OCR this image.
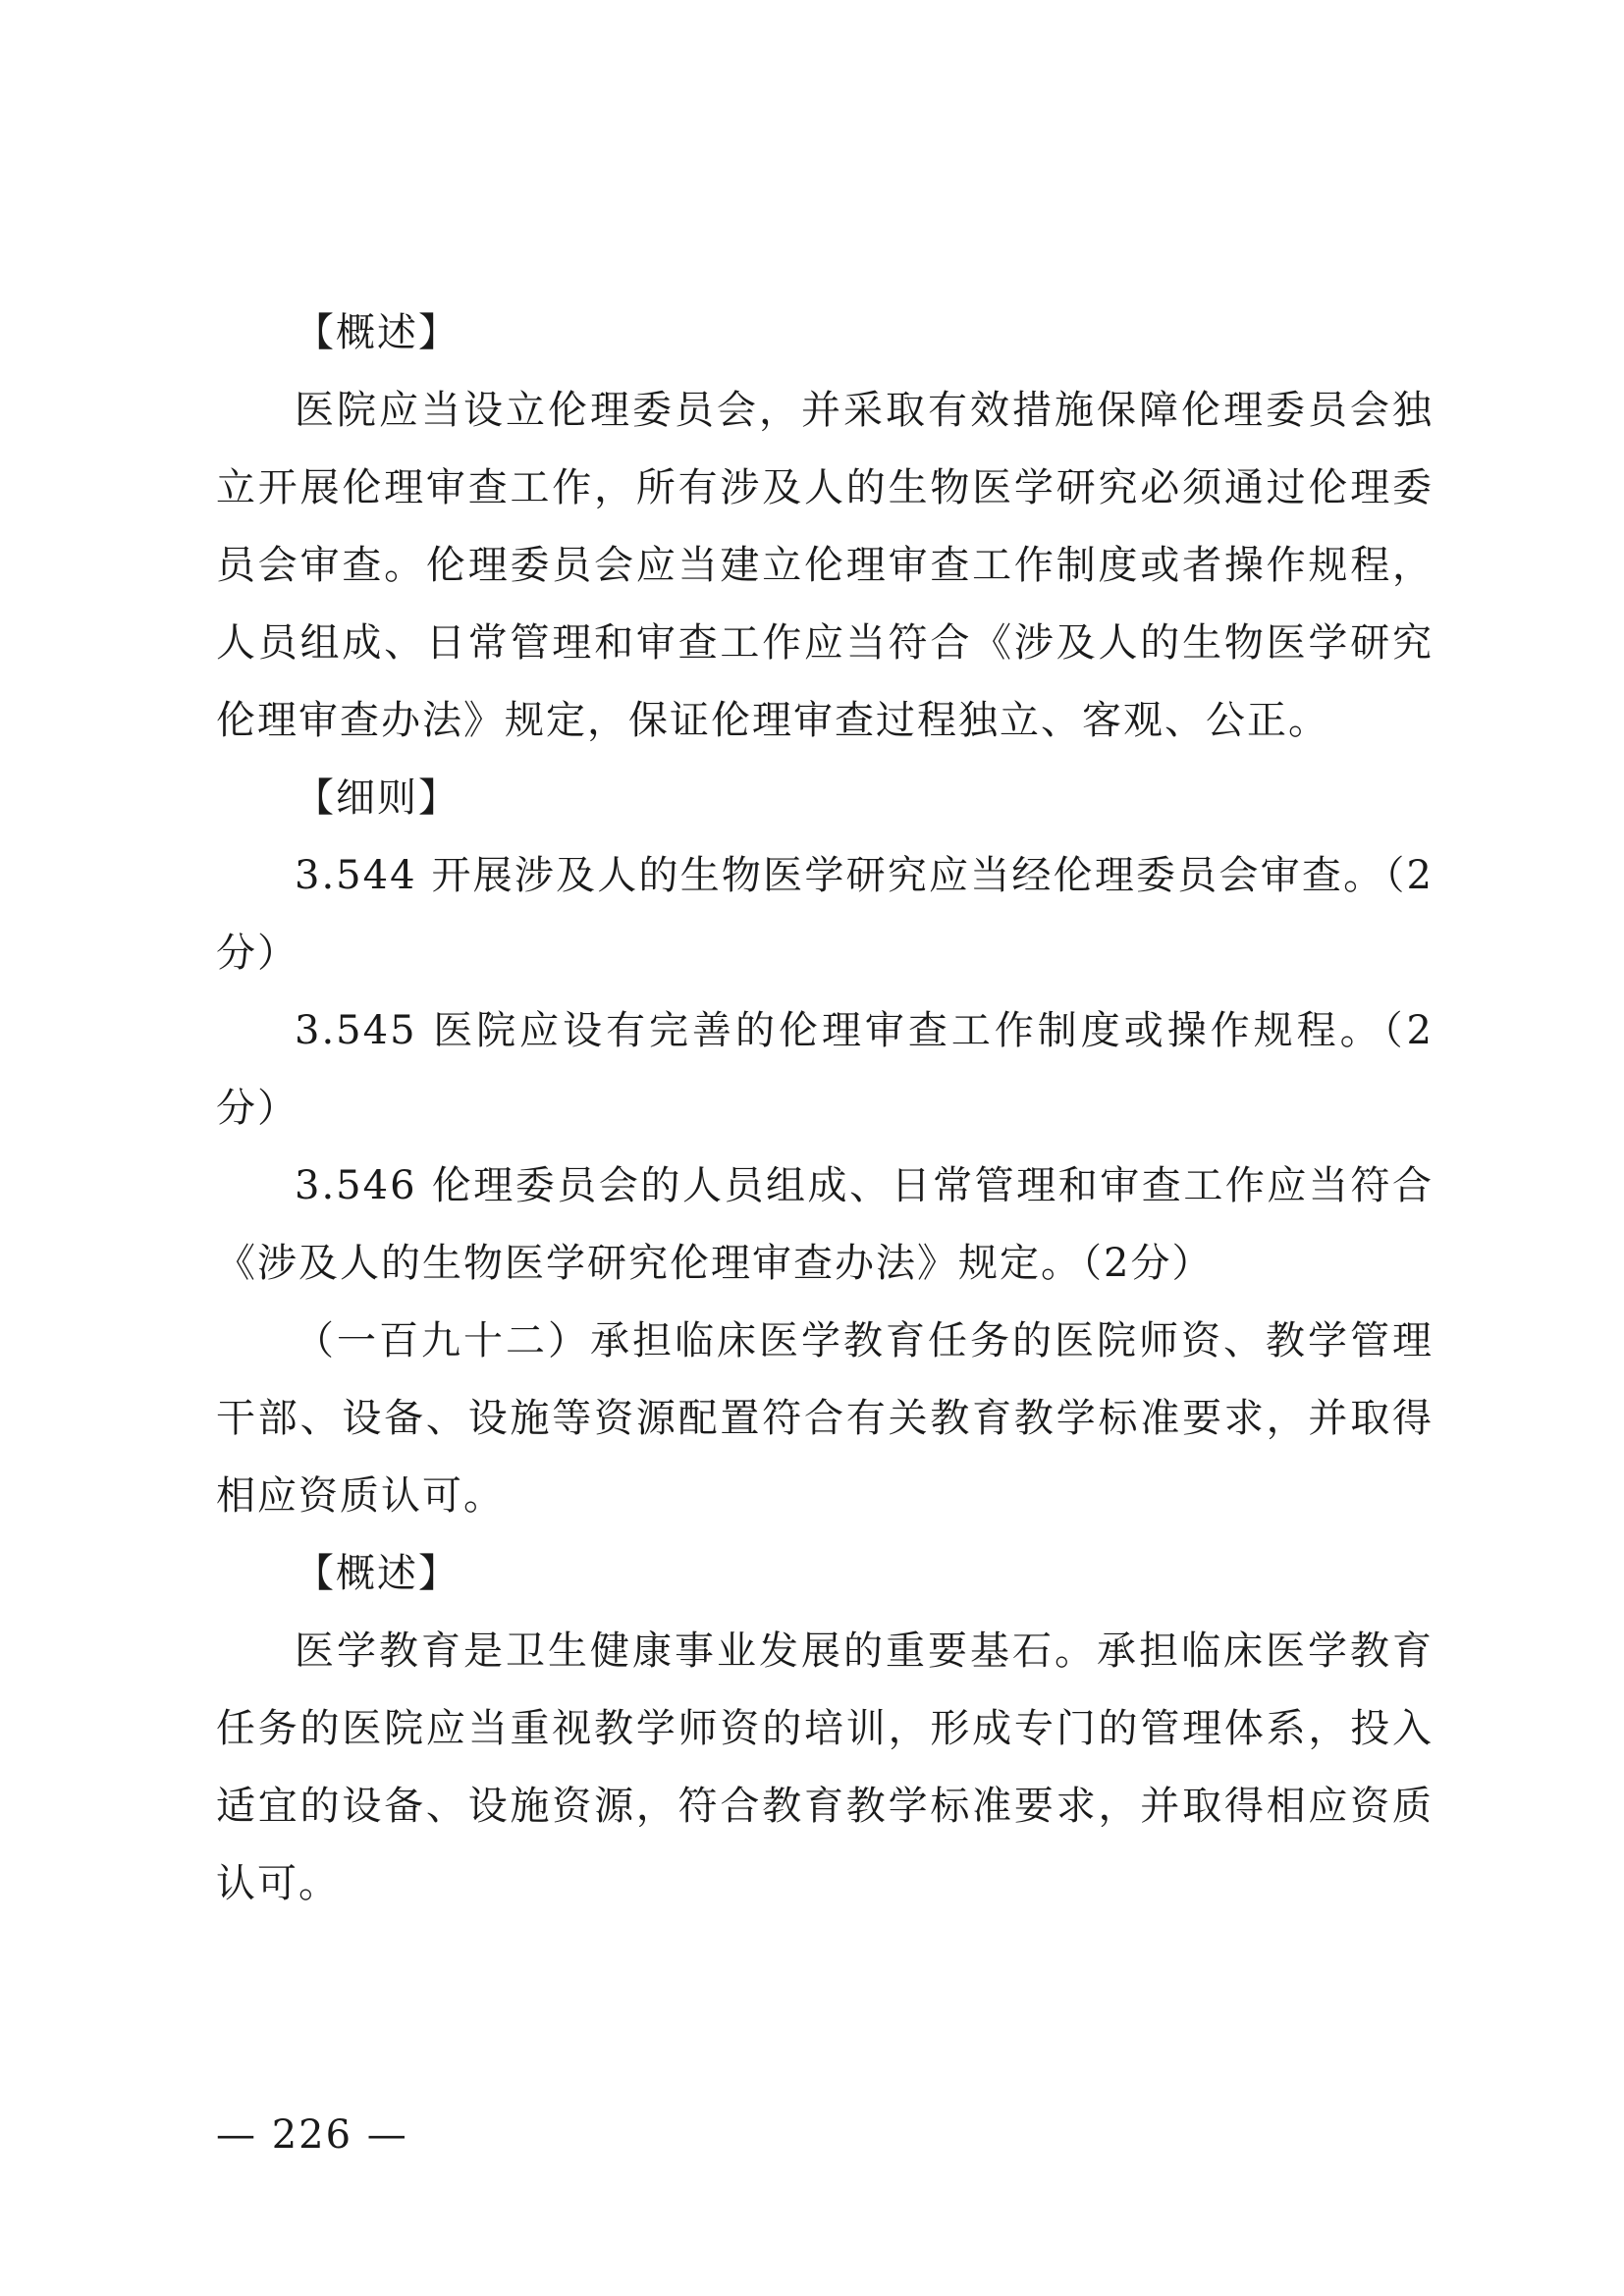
【概述】

医院应当设立伦理委员会，并采取有效措施保障伦理委员会独立开展伦理审查工作，所有涉及人的生物医学研究必须通过伦理委员会审查。伦理委员会应当建立伦理审查工作制度或者操作规程，人员组成、日常管理和审查工作应当符合《涉及人的生物医学研究伦理审查办法》规定，保证伦理审查过程独立、客观、公正。

【细则】

3.544 开展涉及人的生物医学研究应当经伦理委员会审查。（2分）

3.545 医院应设有完善的伦理审查工作制度或操作规程。（2分）

3.546 伦理委员会的人员组成、日常管理和审查工作应当符合《涉及人的生物医学研究伦理审查办法》规定。（2分）

（一百九十二）承担临床医学教育任务的医院师资、教学管理干部、设备、设施等资源配置符合有关教育教学标准要求，并取得相应资质认可。

【概述】

医学教育是卫生健康事业发展的重要基石。承担临床医学教育任务的医院应当重视教学师资的培训，形成专门的管理体系，投入适宜的设备、设施资源，符合教育教学标准要求，并取得相应资质认可。

— 226 —
